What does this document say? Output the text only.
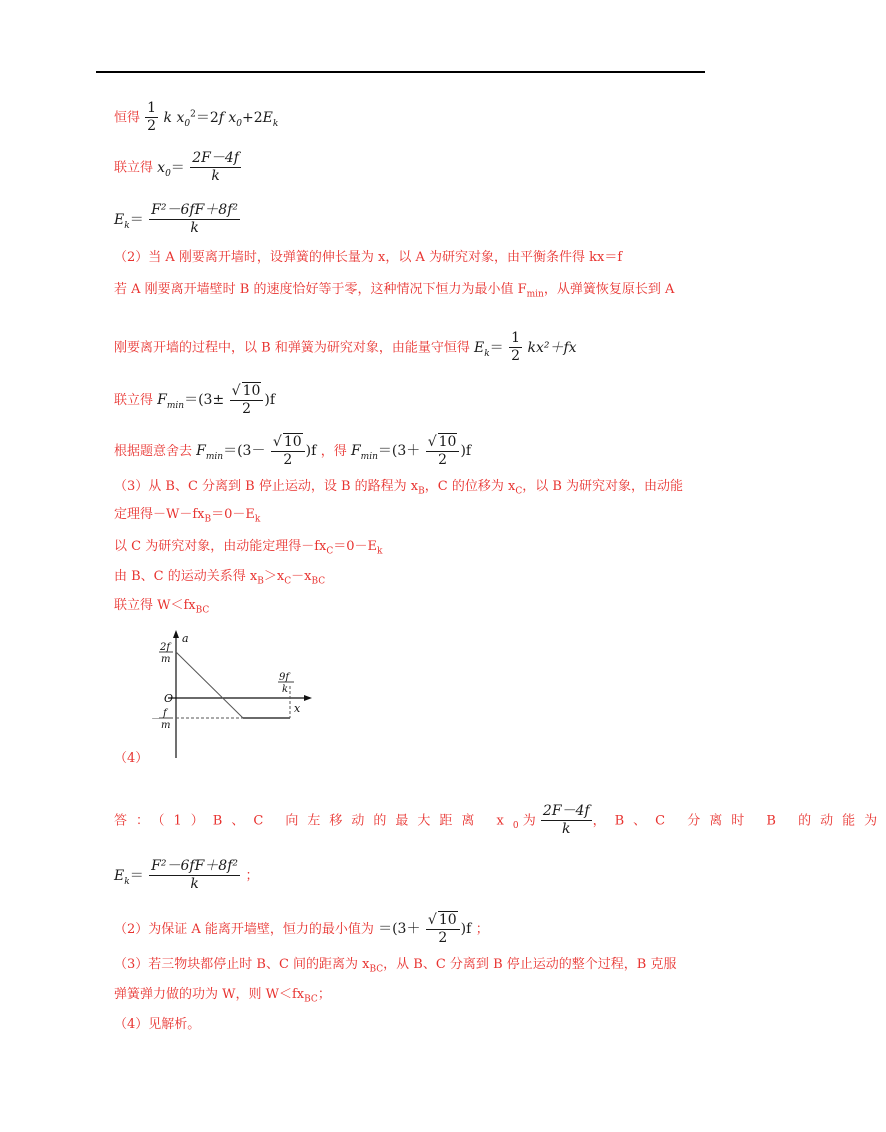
恒得 $\frac{1}{2}$ k $x_0^2=2f$ $x_0+2E_k$
联立得 $x_0= \frac{2F-4f}{k}$
$E_k= \frac{\text{F²－6fF＋8f²}}{k}$
（2）当 A 刚要离开墙时，设弹簧的伸长量为 x，以 A 为研究对象，由平衡条件得 kx＝f
若 A 刚要离开墙壁时 B 的速度恰好等于零，这种情况下恒力为最小值 $F_{min}$，从弹簧恢复原长到 A
刚要离开墙的过程中，以 B 和弹簧为研究对象，由能量守恒得 $E_k= \frac{1}{2} kx^2+fx$
联立得 $F_{min}=(3\pm \frac{√ 10}{2} )f$
根据题意舍去 $F_{min}=(3- \frac{√ 10}{2} )f$ ，得 $F_{min}=(3+ \frac{√ 10}{2} )f$
（3）从 B、C 分离到 B 停止运动，设 B 的路程为 $x_B$，C 的位移为 $x_C$，以 B 为研究对象，由动能
定理得$-W-fx_B=0-E_k$
以 C 为研究对象，由动能定理得$-fx_C=0-E_k$
由 B、C 的运动关系得 $x_B>x_C-x_{BC}$
联立得 $W<fx_{BC}$
a
O
x
2f
m
－
f
m
9f
k
（4）
答：（1）B、C 向左移动的最大距离 $x_0$ 为 $\frac{2F-4f}{k}$ ，B、C 分离时 B 的动能为
$E_k= \frac{\text{F²－6fF＋8f²}}{k}$ ；
（2）为保证 A 能离开墙壁，恒力的最小值为 $=(3+ \frac{√ 10}{2} )f$ ；
（3）若三物块都停止时 B、C 间的距离为 $x_{BC}$，从 B、C 分离到 B 停止运动的整个过程，B 克服
弹簧弹力做的功为 W，则 $W<fx_{BC}$；
（4）见解析。
